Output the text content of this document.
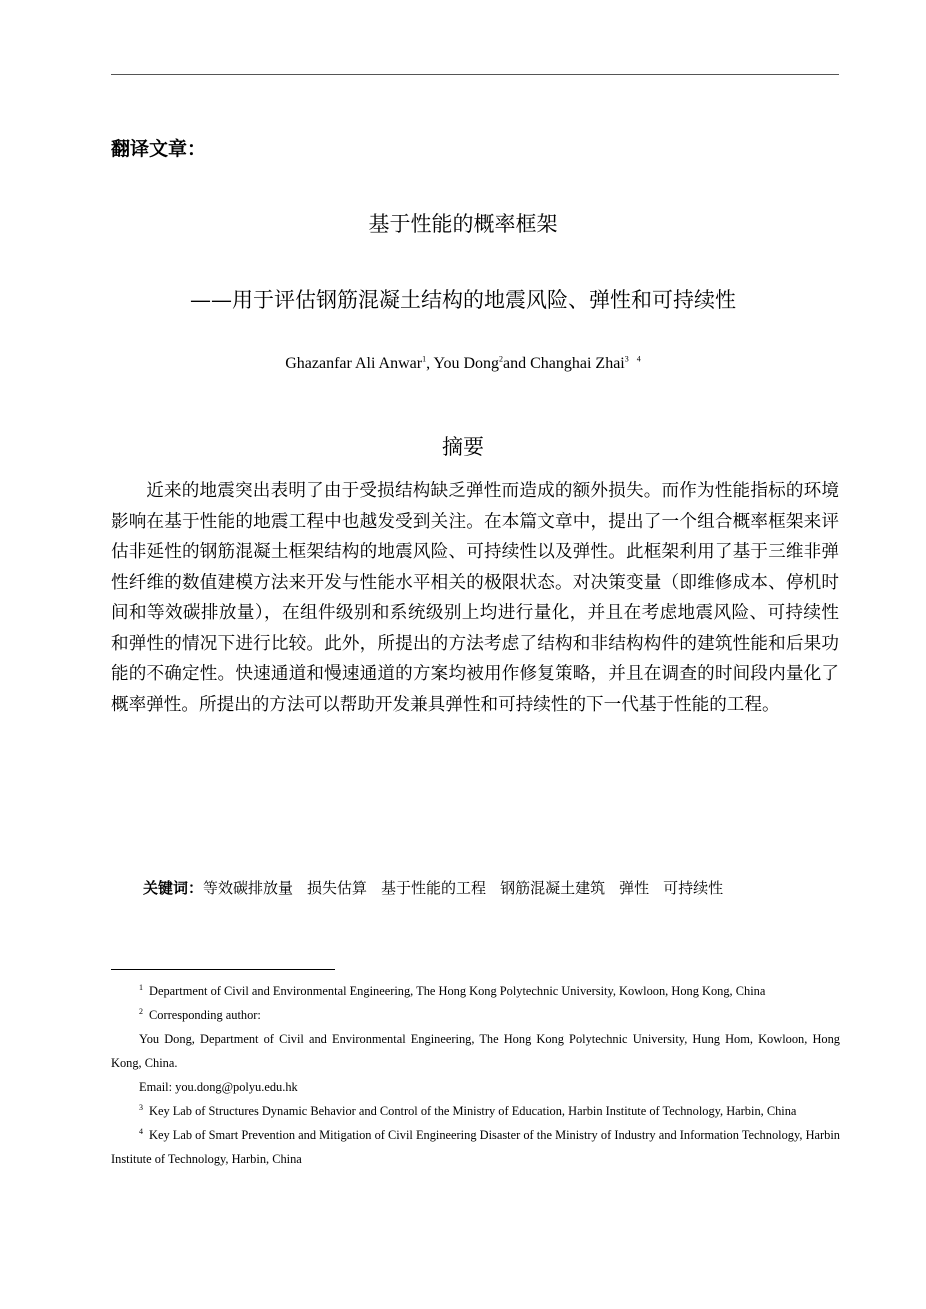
翻译文章：
基于性能的概率框架
——用于评估钢筋混凝土结构的地震风险、弹性和可持续性
Ghazanfar Ali Anwar$^1$, You Dong$^2$and Changhai Zhai$^3$ $^4$
摘要
近来的地震突出表明了由于受损结构缺乏弹性而造成的额外损失。而作为性能指标的环境影响在基于性能的地震工程中也越发受到关注。在本篇文章中，提出了一个组合概率框架来评估非延性的钢筋混凝土框架结构的地震风险、可持续性以及弹性。此框架利用了基于三维非弹性纤维的数值建模方法来开发与性能水平相关的极限状态。对决策变量（即维修成本、停机时间和等效碳排放量），在组件级别和系统级别上均进行量化，并且在考虑地震风险、可持续性和弹性的情况下进行比较。此外，所提出的方法考虑了结构和非结构构件的建筑性能和后果功能的不确定性。快速通道和慢速通道的方案均被用作修复策略，并且在调查的时间段内量化了概率弹性。所提出的方法可以帮助开发兼具弹性和可持续性的下一代基于性能的工程。
关键词：等效碳排放量 损失估算 基于性能的工程 钢筋混凝土建筑 弹性 可持续性

$^1$ Department of Civil and Environmental Engineering, The Hong Kong Polytechnic University, Kowloon, Hong Kong, China

$^2$ Corresponding author:

You Dong, Department of Civil and Environmental Engineering, The Hong Kong Polytechnic University, Hung Hom, Kowloon, Hong Kong, China.

Email: you.dong@polyu.edu.hk

$^3$ Key Lab of Structures Dynamic Behavior and Control of the Ministry of Education, Harbin Institute of Technology, Harbin, China

$^4$ Key Lab of Smart Prevention and Mitigation of Civil Engineering Disaster of the Ministry of Industry and Information Technology, Harbin Institute of Technology, Harbin, China
